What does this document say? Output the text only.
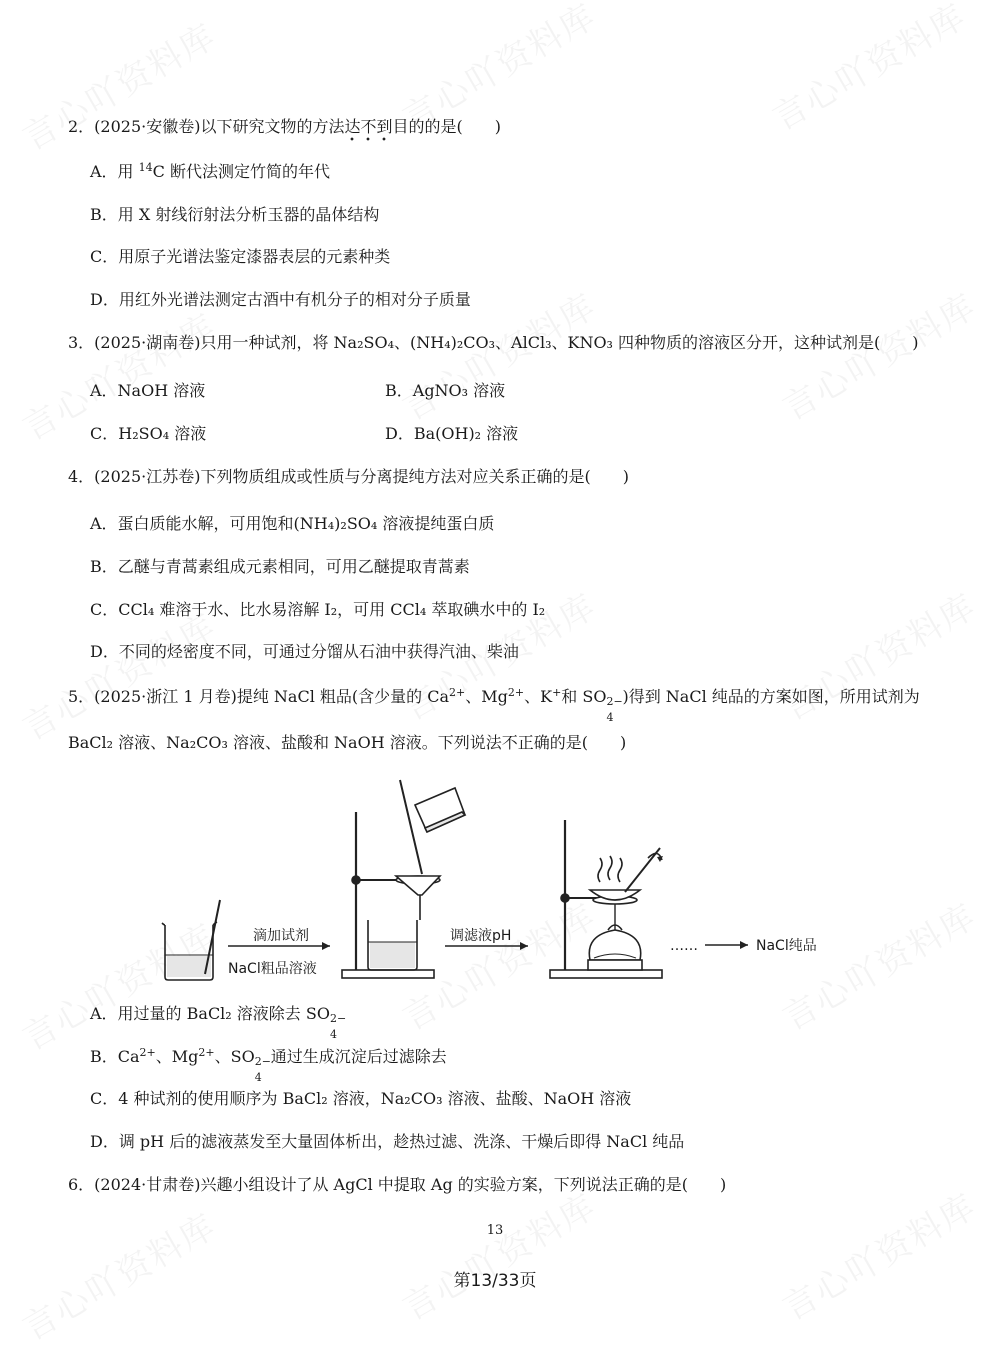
2．(2025·安徽卷)以下研究文物的方法达不到目的的是(　　)
A．用 $^{14}$C 断代法测定竹简的年代
B．用 X 射线衍射法分析玉器的晶体结构
C．用原子光谱法鉴定漆器表层的元素种类
D．用红外光谱法测定古酒中有机分子的相对分子质量
3．(2025·湖南卷)只用一种试剂，将 Na₂SO₄、(NH₄)₂CO₃、AlCl₃、KNO₃ 四种物质的溶液区分开，这种试剂是(　　)
A．NaOH 溶液	B．AgNO₃ 溶液
C．H₂SO₄ 溶液	D．Ba(OH)₂ 溶液
4．(2025·江苏卷)下列物质组成或性质与分离提纯方法对应关系正确的是(　　)
A．蛋白质能水解，可用饱和(NH₄)₂SO₄ 溶液提纯蛋白质
B．乙醚与青蒿素组成元素相同，可用乙醚提取青蒿素
C．CCl₄ 难溶于水、比水易溶解 I₂，可用 CCl₄ 萃取碘水中的 I₂
D．不同的烃密度不同，可通过分馏从石油中获得汽油、柴油
5．(2025·浙江 1 月卷)提纯 NaCl 粗品(含少量的 $Ca^{2+}$、$Mg^{2+}$、K+和 SO 2−
4
)得到 NaCl 纯品的方案如图，所用试剂为
BaCl₂ 溶液、Na₂CO₃ 溶液、盐酸和 NaOH 溶液。下列说法不正确的是(　　)
滴加试剂
NaCl粗品溶液
调滤液pH
……	NaCl纯品
A．用过量的 BaCl₂ 溶液除去 SO 2−
4
B．$Ca^{2+}$、$Mg^{2+}$、SO 2−
4
通过生成沉淀后过滤除去
C．4 种试剂的使用顺序为 BaCl₂ 溶液，Na₂CO₃ 溶液、盐酸、NaOH 溶液
D．调 pH 后的滤液蒸发至大量固体析出，趁热过滤、洗涤、干燥后即得 NaCl 纯品
6．(2024·甘肃卷)兴趣小组设计了从 AgCl 中提取 Ag 的实验方案，下列说法正确的是(　　)
13
第13/33页
